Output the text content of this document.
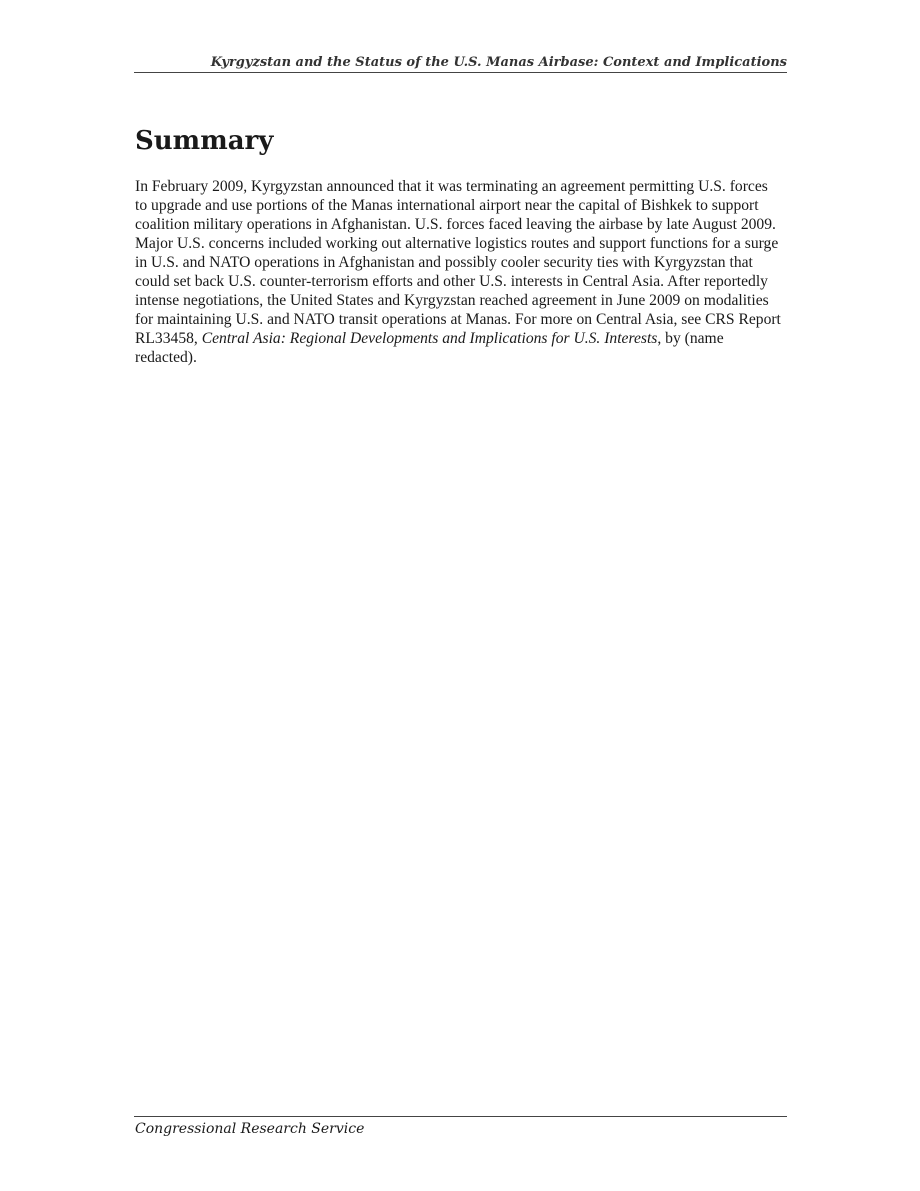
Kyrgyzstan and the Status of the U.S. Manas Airbase: Context and Implications
Summary

In February 2009, Kyrgyzstan announced that it was terminating an agreement permitting U.S. forces to upgrade and use portions of the Manas international airport near the capital of Bishkek to support coalition military operations in Afghanistan. U.S. forces faced leaving the airbase by late August 2009. Major U.S. concerns included working out alternative logistics routes and support functions for a surge in U.S. and NATO operations in Afghanistan and possibly cooler security ties with Kyrgyzstan that could set back U.S. counter-terrorism efforts and other U.S. interests in Central Asia. After reportedly intense negotiations, the United States and Kyrgyzstan reached agreement in June 2009 on modalities for maintaining U.S. and NATO transit operations at Manas. For more on Central Asia, see CRS Report RL33458, Central Asia: Regional Developments and Implications for U.S. Interests, by (name redacted).

Congressional Research Service
